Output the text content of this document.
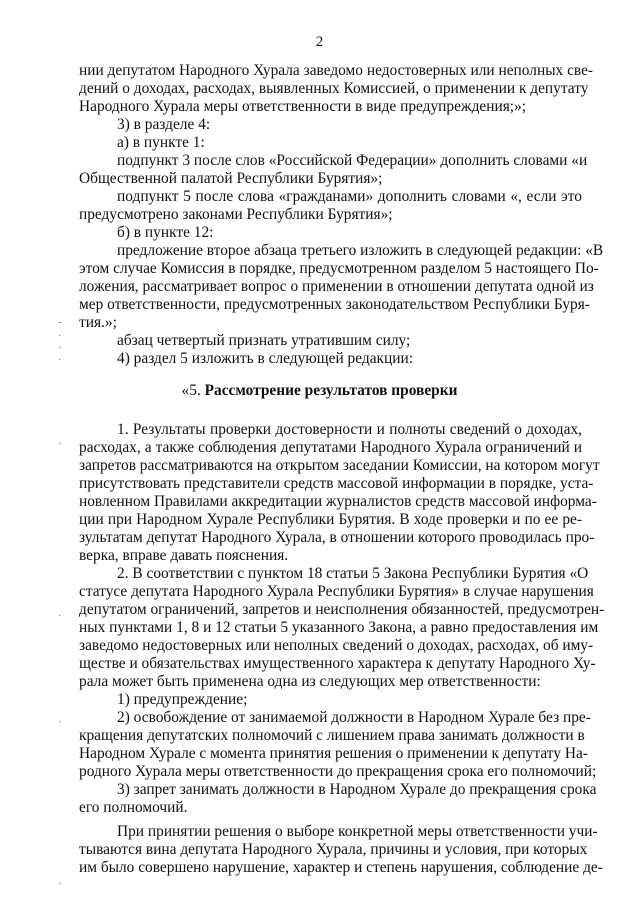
2
нии депутатом Народного Хурала заведомо недостоверных или неполных све-
дений о доходах, расходах, выявленных Комиссией, о применении к депутату
Народного Хурала меры ответственности в виде предупреждения;»;
3) в разделе 4:
а) в пункте 1:
подпункт 3 после слов «Российской Федерации» дополнить словами «и
Общественной палатой Республики Бурятия»;
подпункт 5 после слова «гражданами» дополнить словами «, если это
предусмотрено законами Республики Бурятия»;
б) в пункте 12:
предложение второе абзаца третьего изложить в следующей редакции: «В
этом случае Комиссия в порядке, предусмотренном разделом 5 настоящего По-
ложения, рассматривает вопрос о применении в отношении депутата одной из
мер ответственности, предусмотренных законодательством Республики Буря-
тия.»;
абзац четвертый признать утратившим силу;
4) раздел 5 изложить в следующей редакции:
«5. Рассмотрение результатов проверки
1. Результаты проверки достоверности и полноты сведений о доходах,
расходах, а также соблюдения депутатами Народного Хурала ограничений и
запретов рассматриваются на открытом заседании Комиссии, на котором могут
присутствовать представители средств массовой информации в порядке, уста-
новленном Правилами аккредитации журналистов средств массовой информа-
ции при Народном Хурале Республики Бурятия. В ходе проверки и по ее ре-
зультатам депутат Народного Хурала, в отношении которого проводилась про-
верка, вправе давать пояснения.
2. В соответствии с пунктом 18 статьи 5 Закона Республики Бурятия «О
статусе депутата Народного Хурала Республики Бурятия» в случае нарушения
депутатом ограничений, запретов и неисполнения обязанностей, предусмотрен-
ных пунктами 1, 8 и 12 статьи 5 указанного Закона, а равно предоставления им
заведомо недостоверных или неполных сведений о доходах, расходах, об иму-
ществе и обязательствах имущественного характера к депутату Народного Ху-
рала может быть применена одна из следующих мер ответственности:
1) предупреждение;
2) освобождение от занимаемой должности в Народном Хурале без пре-
кращения депутатских полномочий с лишением права занимать должности в
Народном Хурале с момента принятия решения о применении к депутату На-
родного Хурала меры ответственности до прекращения срока его полномочий;
3) запрет занимать должности в Народном Хурале до прекращения срока
его полномочий.
При принятии решения о выборе конкретной меры ответственности учи-
тываются вина депутата Народного Хурала, причины и условия, при которых
им было совершено нарушение, характер и степень нарушения, соблюдение де-
-
·
·
·
·
·
·
·
